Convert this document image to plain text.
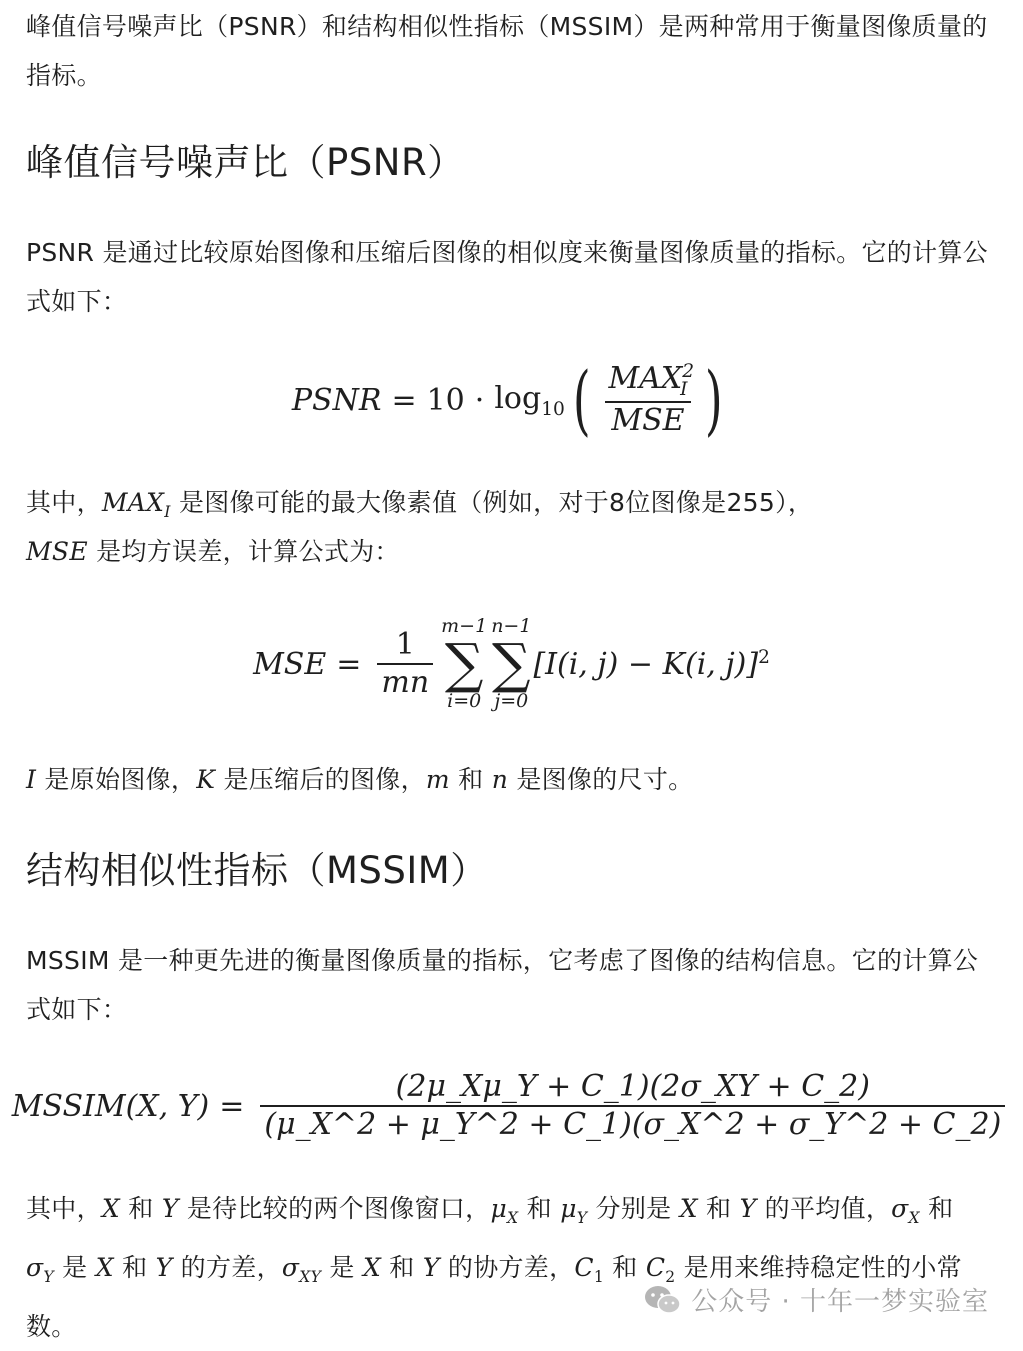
峰值信号噪声比（PSNR）和结构相似性指标（MSSIM）是两种常用于衡量图像质量的指标。

峰值信号噪声比（PSNR）

PSNR 是通过比较原始图像和压缩后图像的相似度来衡量图像质量的指标。它的计算公式如下：

PSNR = $10 \cdot \log_{10}$ ( $\frac{MAX^2_I}{\text{MSE}}$ )

其中，$MAX_I$ 是图像可能的最大像素值（例如，对于8位图像是255），

MSE 是均方误差，计算公式为：

MSE = $\frac{1}{mn}$
m−1
∑
i=0
n−1
∑
j=0
[I(i, j) − K(i, j)]$^2$

I 是原始图像，K 是压缩后的图像，m 和 n 是图像的尺寸。

结构相似性指标（MSSIM）

MSSIM 是一种更先进的衡量图像质量的指标，它考虑了图像的结构信息。它的计算公式如下：

MSSIM(X, $Y) = \frac{(2\mu\_X\mu\_Y + C\_1)(2\sigma\_XY + C\_2)}{(\mu\_X\^{}2 + \mu\_Y\^{}2 + C\_1)(\sigma\_X\^{}2 + \sigma\_Y\^{}2 + C\_2)}$

其中，X 和 Y 是待比较的两个图像窗口，$\mu_X$ 和 $\mu_Y$ 分别是 X 和 Y 的平均值，$\sigma_X$ 和 $\sigma_Y$ 是 X 和 Y 的方差，$\sigma_{XY}$ 是 X 和 Y 的协方差，$C_1$ 和 $C_2$ 是用来维持稳定性的小常数。

公众号 · 十年一梦实验室
